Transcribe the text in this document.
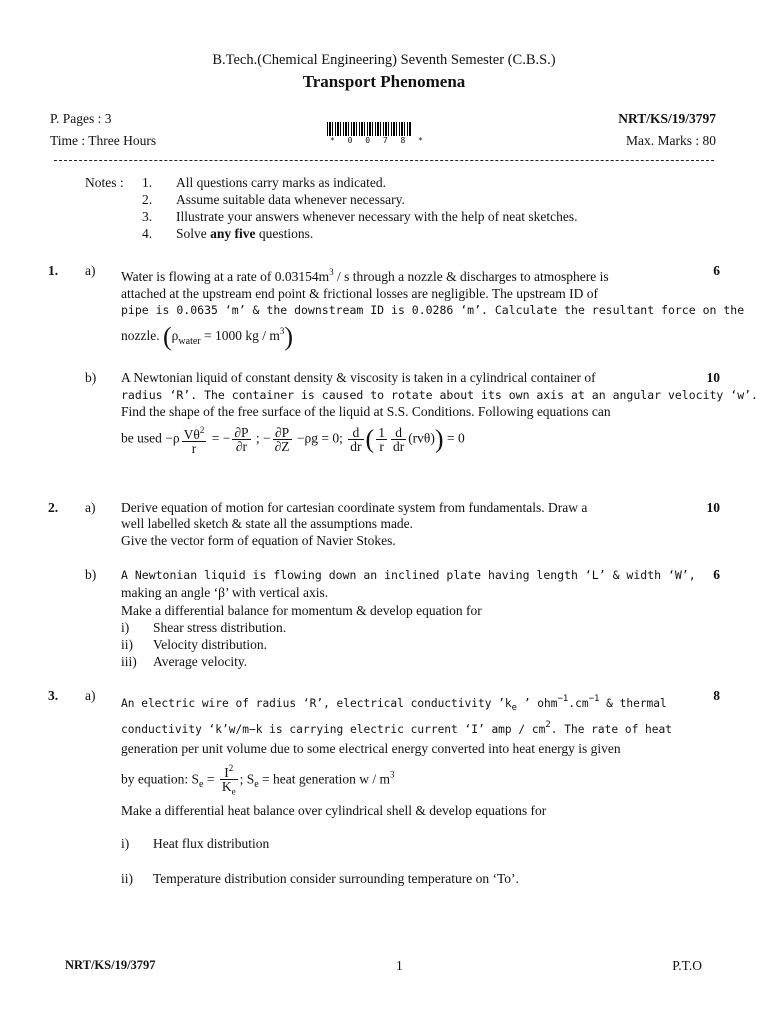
B.Tech.(Chemical Engineering) Seventh Semester (C.B.S.)
Transport Phenomena
P. Pages : 3	NRT/KS/19/3797
Time : Three Hours	Max. Marks : 80
* 0 0 7 8 *
Notes : 1. All questions carry marks as indicated.
2. Assume suitable data whenever necessary.
3. Illustrate your answers whenever necessary with the help of neat sketches.
4. Solve any five questions.
1. a)	6
Water is flowing at a rate of $0.03154m^3$ / s through a nozzle & discharges to atmosphere is
attached at the upstream end point & frictional losses are negligible. The upstream ID of
pipe is 0.0635 ‘m’ & the downstream ID is 0.0286 ‘m’. Calculate the resultant force on the
nozzle. ($\rho_{water} = 1000$ kg / $m^3$)
b)	10
A Newtonian liquid of constant density & viscosity is taken in a cylindrical container of
radius ‘R’. The container is caused to rotate about its own axis at an angular velocity ‘w’.
Find the shape of the free surface of the liquid at S.S. Conditions. Following equations can
be used $-\rho \frac{V\theta^2}{r}$ = − $\frac{\partial P}{\partial r}$ ; − $\frac{\partial P}{\partial Z} -\rho g = 0$; $\frac{d}{dr}$ ( $\frac{1}{r} \frac{d}{dr} (rv\theta)) = 0$
2. a)	10
Derive equation of motion for cartesian coordinate system from fundamentals. Draw a
well labelled sketch & state all the assumptions made.
Give the vector form of equation of Navier Stokes.
b)	6
A Newtonian liquid is flowing down an inclined plate having length ‘L’ & width ‘W’,
making an angle ‘β’ with vertical axis.
Make a differential balance for momentum & develop equation for
i) Shear stress distribution.
ii) Velocity distribution.
iii) Average velocity.
3. a)	8
An electric wire of radius ‘R’, electrical conductivity $’k_e$ ’ $ohm^{-1}.cm^{-1}$ & thermal
conductivity ‘k’w/m−k is carrying electric current ‘I’ amp / $cm^2$. The rate of heat
generation per unit volume due to some electrical energy converted into heat energy is given
by equation: $S_e = \frac{I^2}{K_e}$ ; $S_e$ = heat generation w / $m^3$
Make a differential heat balance over cylindrical shell & develop equations for
i) Heat flux distribution
ii) Temperature distribution consider surrounding temperature on ‘To’.
NRT/KS/19/3797	1	P.T.O
